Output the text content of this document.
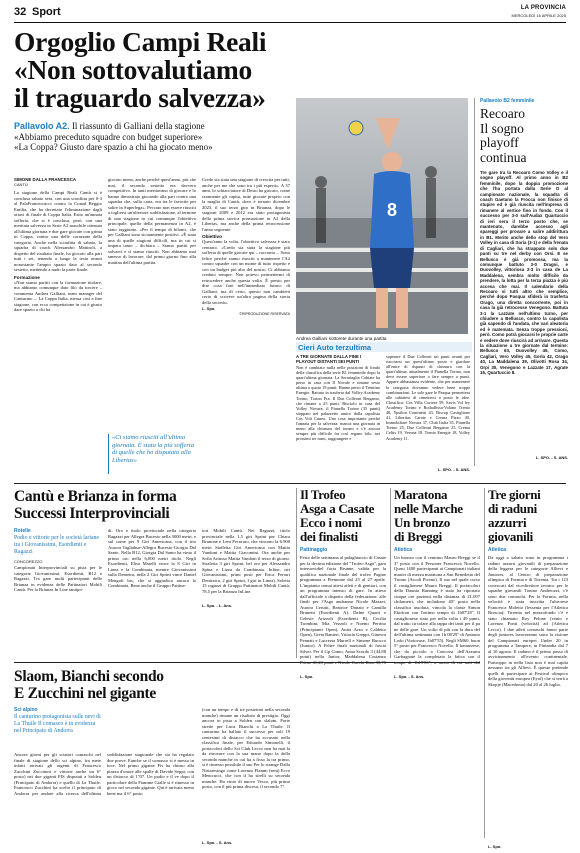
32 Sport	LA PROVINCIA
MERCOLEDÌ 16 APRILE 2025
Orgoglio Campi Reali
«Non sottovalutiamo
il traguardo salvezza»
Pallavolo A2. Il riassunto di Galliani della stagione
«Abbiamo preceduto squadre con budget superiore»
«La Coppa? Giusto dare spazio a chi ha giocato meno»
SIMONE DALLA FRANCESCA
CANTÙ

La stagione della Campi Reali Cantù si è conclusa sabato sera, con una sconfitta per 0-3 al PalaFrancescucci contro la Conad Reggio Emilia, che ha decretato l'eliminazione dagli ottavi di finale di Coppa Italia. Esito un'annata sofferta, che si è conclusa, però, con una meritata salvezza in Serie A2 maschile ottenuta all'ultima giornata e due gare giocate con grinta in Coppa, contro una delle corazzate della categoria. Anche nella sconfitta di sabato, la squadra di coach Alessandro Mattiroli, a dispetto del risultato finale, ha giocato alla pari tutti i set, tenendo a lungo la testa avanti nonostante l'ampio spazio dato al secondo sestetto, mettendo a nudo la parte finale.

Formazione

«Non siamo partiti con la formazione titolare, ma abbiamo comunque dato filo da torcere – commenta Andrea Galliani, team manager del Canturino –. La Coppa Italia, messa così a fine stagione, con ecco competizione in cui è giusto dare spazio a chi ha

giocato meno, anche perché quest'anno, più che mai, il secondo sestetto era davvero competitivo. In tanti meritavano di giocare e lo hanno dimostrato giocando alla pari contro una squadra che, sulla carta, era tra le favorite per salire in Superlega». Peccato non essere riusciti a togliersi un'ulteriore soddisfazione, al termine di una stagione in cui comunque l'obiettivo principale, quello della permanenza in A2, è stato raggiunto. «Per il tempo di bilanci, che per Galliani sono sicuramente positivi. «È stata una di quelle stagioni difficili, ma in cui si impara tanto – dichiara – Siamo partiti per salvarci e ci siamo riusciti. Non abbiamo mai smesso di lavorare, dal primo giorno fino alla mattina dell'ultima partita.

«Ci siamo riusciti all'ultima giornata. È stata la più sofferta di quelle che ho disputato alla Libertas»

Credo sia stata una stagione di crescita per tutti, anche per me che sono tra i più esperti». A 37 anni, lo schiacciatore di Desio ha giocato, come raramente gli capita, tutte giocate proprio con la maglia di Cantù, dove è tornato dicembre 2023, il suo terzo giro in Brianza, dopo le stagioni 2009 e 2012 era stato protagonista della prima storica promozione in A2 della Libertas, ma anche della prima retrocessione l'anno seguente.

Obiettivo

Quest'anno la volta, l'obiettivo salvezza è stato centrato. «Credo sia stata la stagione più sofferta di quelle giocate qui – racconta –. Sono felice perché siamo riusciti a mantenere l'A2 contro squadre con un monte di tutto rispetto e con un budget più alto del nostro. Ci abbiamo creduto sempre. Non potevo permettermi di retrocedere anche questa volta. È presto per dire cosa farò nell'immediato futuro: di Galliani, ma di certo, questo non cambierà certo di scrivere un'altra pagina della storia della società».

L. Spo.
©RIPRODUZIONE RISERVATA
8
Andrea Galliani sottorete durante una partita
Pallavolo B2 femminile
Recoaro
Il sogno
playoff
continua

Tre gare tra la Recoaro Como Volley e il sogno playoff. Al primo anno in B2 femminile, dopo la doppia promozione che l'ha portata dalla Serie D al campionato nazionale, la squadra di coach Gaetano la Frocca non finisce di stupire ed è già riuscita nell'impresa di rimanere al vertice fino in fondo. Con il successo per 3-0 sull'Audax Quartuccio di ieri sera il terzo posto che, se mantenuto, darebbe accesso agli spareggi per provare a salire addirittura in B1. Merito anche dello stop del Vero Volley in casa di Soria (3-1) e della frenata di Cagliari, che ha strappato solo due punti su tre nel derby con Orsi. E se Bellusco è già promossa, ma la comunque battuto 3-0 Dragoi, e Duovolley, vittoriosa 2-3 in casa de La Maddalena, sembra molto difficile da prendere, la lotta per la terza piazza è più accesa che mai. Il calendario della Recoaro vi tutti altro che semplice, perché dopo Pasqua sfiderà in trasferta Orago, una diretta concorrente, poi in casa la già retrocesse Venegono. Battuta 3-1 la Lazzate nell'ultimo turno, per chiudere a Bellusco, contro la capolista già sapendo di l'andata, che vari aleatoria ed è matemata. Senza troppe pressioni, però. Como potrà giocarsi le proprie carte e vedere dove riuscirà ad arrivare. Questa la situazione a tre giornate dal termine: Bellusco 63, Duovolley 49, Como, Cagliari, Vero Volley 45, Gorla 42, Orago 40, La Maddalena 39, Olivotti Rosa 34, Orpi 30, Venegono e Lazzate 17, Agrate 15, Quartuccio 8.

L. SPO. - S. ANS.
Cieri Auto terzultima
A TRE GIORNATE DALLA FINE I PLAYOUT DISTANTI SEI PUNTI

Non è cambiato nulla nelle posizioni di fondo della classifica della serie B1 femminile dopo la quart'ultima giornata. La Serrataglia Cabiate ha perso in casa con Il Novale e rimane sesto ultima a quota 19 punti. Hanno perso il Trentino Energie. Battuto in trasferta dal Volley Academy Torino, Torino Pra. Il Due Colleoni Bergamo, che rimane a 25 punti. Bisciolo in casa del Volley Novara; il Pianella Torino (35 punti) stoppato nel palazzetto amico dalla capolista Cos Volt Cuneo. Una cosa importante perché l'annata per la salvezza: manca una giornata in meno alla chiusura del torneo e c'è ancora sempre più difficile far così regano bilo, nei prossimi tre turni, raggiungere e

superare il Due Colleoni sei punti avanti per riacciarsi un quest'ultimo posto e giardare all'entre di dspuuti di chiusura con la quart'ultima, attualmente il Pianella Torino, non deve essere superiore o fare sempre a punti. Appare abbastanza evidente, che per mantenere la categoria dovranno vedere bene troppe combinazioni. Le sole gare le Pasqua permettera alle cabiatesi di rimettersi a posto le idee. Classifica: Cos Villa Cortese 59, Savis Vol ley Academy Torino e Rothallissa-Volano Trento 48, Ypsilon Cominetti 43, Biscop Castiglione 41, Liberitas Carate e Crema Pizzo 40, Immobiliare Novara 37, Club Italia 35, Pianella Torino 25, Due Colleoni Bergamo 25, Crema Celtis 19, Verona 18, Trento Energie 18, Volley Academy 11.

L. SPO. - S. ANS.
Cantù e Brianza in forma
Successi Interprovinciali
Rotelle
Podio e vittorie per le società lariane tra i Giovanissimi, Esordienti e Ragazzi
CONCOREZZO

Campionati Interprovinciali su pista per le categorie Giovanissimi, Esordienti, B12 e Ragazzi. Tra gare molti partecipanti delle Brianza in evidenza delle Pattinatori Mobili Cantù. Per la Brianza In Line tantipo-

di. Oro e titolo provinciale nella categoria Ragazzi per Allegra Bucesio nella 3000 metri, e sul come per 9 Giri Americana, con il trio Aurora Tagliabue-Allegra Bucesio-Giorgia Dal Santo. Nella B12, Giorgia Dal Santo ha vinto il primo oro nella 6,000 metri titolo. Negli Esordienti, Elisa Marelli vince la 8 Giri in Linea e la Combinata, mentre Giovanissimi sulla Demetra, nella 2 Giri Sprint vince Daniel Mengoli bis, che si aggiudica ancora la Combinata. Bene anche il Gruppo Pattina-

tori Mobili Cantù. Nei Ragazzi, titolo provinciale nella 1,5 giri Sprint per Chiara Brunone e Leni Pecoraro, che vincono la 6.900 metri Staffetta Giri Americana con Mattia Vandoni e Mattia Giacomini. Ora anche per Sofia Artusso Mattia Vandoni il terzo di giorno. Strafetta 3 giri Sprint, bel oro per Alessandro Spina e Lizza da Combinata. Infine, nei Giovanissimi, primi posti per Erica Ferrari Dentraica, 2 giri Sprint, I giri in Linea). Soletta 15 ragazzi di Gruppo Pattinatori Mobili Cantù, 78,5 per la Brianza InLine.

L. Spo. - L. Ans.
Il Trofeo
Asga a Casate
Ecco i nomi
dei finalisti
Pattinaggio

Festa delle settimana al palaghiaccio di Casate per la decima edizione del "Trofeo Asga", gara interuovidiel facia Brunne, valida per la qualifica nazionale finale del trofeo Pagine programma a Piemonte dal 25 al 27 aprile. L'impianto ormai attesi atleti e di genitori, con un programma intenso di gare. In atteso dall'ufficiale a dispetto della federazione, alle finali per l'Asga andranno Nicole Mazzei, Aurora Cerutti, Beatrice Donato e Camilla Brunetti (Esordienti A), Dafne Quarti e Celeste Arizzoli (Esordienti B), Cecilia Trombini, Mia Vezzoli e Noemi Perrino (Principianti Open), Anita Arzo e Caldetto Open), Greta Ranieri, Vittoria Greppi, Ginevra Pennati e Lucrezia Murrell e Simone Ruocco (Junior). A Feltre finali nazionali di fascia Silver. Per il Gp Como, Anna Scordo 3 (44,88 punti) nella Junior, Maddalena Costanzo Primo 41,20 punti e Nicole Cacchi Ilton 38,75

L. Spo.
Maratona
nelle Marche
Un bronzo
di Breggi
Atletica

Un bronzo con il centrino Mauro Breggi se il 3° posto con il Personer Francesco Novello. Quasi 1400 partecipanti ai Campionati italiani master di mezza maratona a San Benedetto del Tronto (Ascoli Piceno). Il suo nel quale corso il castiglionese Mauro Breggi. Il portacolori della Daunia Running è stato ha riportato cinque ore pazienti nella distanza di 21,097 chilometri, che includono 40° posto nella classifica assoluta, vincola la classe Simon Ekidcon con l'ottimo tempo di 1h07'28". Il castiglionese stato per nella volta i 49 punti, dal tratto circolare alla tappa dei tanti per il pa ne delle gare. Un volto di più con la dura del dell'ultima settimana con 1h 08'29" di Antonio Lodo (Vortovase, 1h07'55). Negli SM60, buon 5° posto per Francesco Novello. Il lomazzese, che da piccolo a Concorsi dell'Azzurra Garbagnate la completato la fatica con il tempo di 1h19'56", a meno di mi nuti dal

L. Spo. - S. Ans.
Tre giorni
di raduni
azzurri
giovanili
Atletica

Da oggi a sabato sono in programma i raduni azzurri giovanili di preparazione della leggera per le categorie Allievi e Juniores, al Centro di preparazione olimpica di Formia e di Tirrenia. Tra i 123 convocati dal vicedirettore tecnico per le squadre giovanili Tonino Andreozzi, c'è sono due comaschi. Per la Formia, nella velocità è stata inscritta l'ultrorese Francesca Moletto (lessenta per l'Atletica Brescia); Tirrenia nel mezzofondo c'è è stato chiamato Roy Pelone (vento e Lorenzo Ponti (velocità) ad (Atletica Lecco). I due atleti comaschi fanno parte degli juniores lavoreranno sotto la visione del Campionati europei Under 20 in programma a Tampere, in Finlandia dal 7 al 10 agosto. Il raduno è il primo passo di avvicinamento all'evento continentale. Purtroppo in nella lista non è mai capita nessuno tra gli Allievi. È questo pretende quelli di partecipare ai Festival olimpico della gioventù europea (Eyof) che si terrà a Skopje (Macedonia) dal 20 al 26 luglio.

L. Spo.
Slaom, Bianchi secondo
E Zucchini nel gigante
Sci alpino
Il canturino protagonista sulle nevi di La Thuile Il comasco è in evidenza nel Principato di Andorra

Ancora giorni per gli sciatori comaschi nel finale di stagione dello sci alpino, fra mete infatti arrivati gli argenti di Francesco Zucchini Zuccinosi e vittorie anche un 6° posto) nei due giganti FIS disputati a Soldeu (Principato di Andorra) e quello di La Thuile. Francesco Zucchini ha scelto il principato di Andorra per andare alla ricerca dell'ultima soddisfazione stagionale che sia ha regalato due prove. Eanche se il comasco si è messo in luce. Nel primo gigante Fis ha chiuso alla piazza d'onore alle spalle di Davide Seppi, con un distacco di 1"07. Un podio e il ve dopo il particolare della Fiamme Gialle sì è rimesso in gioco nel secondo gigante. Qui è arrivata meno bene ma il 6° posto

(con un tempo e di tre posizioni nella seconda manche) rimane un risultato di prestigio. Oggi ancora in pista a Soldeu con slalom. Porte strette per Luca Bianchi a La Thuile. Il canturino ha ballato il successo per soli 19 centesimi di distacco che ha accusato nella classifica finale, per Edoardo Simonelli, il portacolori dello Sci Club Lecco non ha mai la da ritrovare con la sua mano dopo la della seconda manche in cui ha a fisso la tra primo, si è rimesso possibile il suo Per lo strange Dalla Nistaresingo come Lorenzo Flamm (sent) Ecco Menicucci, che con il ha strelli su seconda manche. Ha vinto di nuovo Vesco, più primo posto, con il più prima discesa, il secondo 7°.

L. Spo. - S. Ans.
